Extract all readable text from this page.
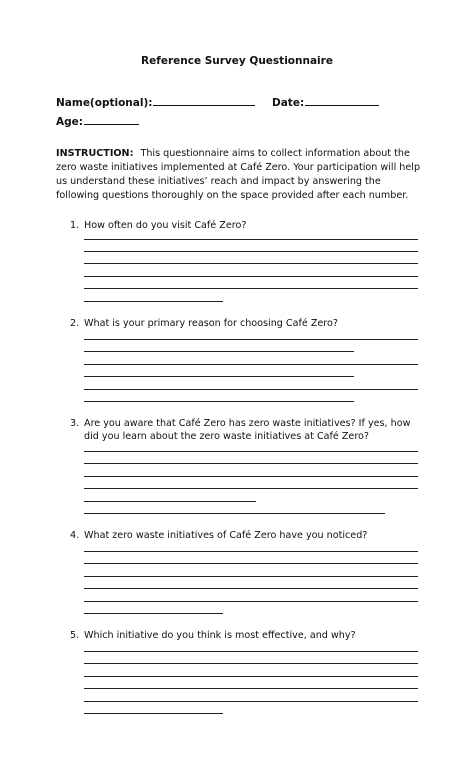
Reference Survey Questionnaire
Name(optional):	Date:
Age:
INSTRUCTION: This questionnaire aims to collect information about the zero waste initiatives implemented at Café Zero. Your participation will help us understand these initiatives’ reach and impact by answering the following questions thoroughly on the space provided after each number.
1. How often do you visit Café Zero?
2. What is your primary reason for choosing Café Zero?
3. Are you aware that Café Zero has zero waste initiatives? If yes, how did you learn about the zero waste initiatives at Café Zero?
4. What zero waste initiatives of Café Zero have you noticed?
5. Which initiative do you think is most effective, and why?
